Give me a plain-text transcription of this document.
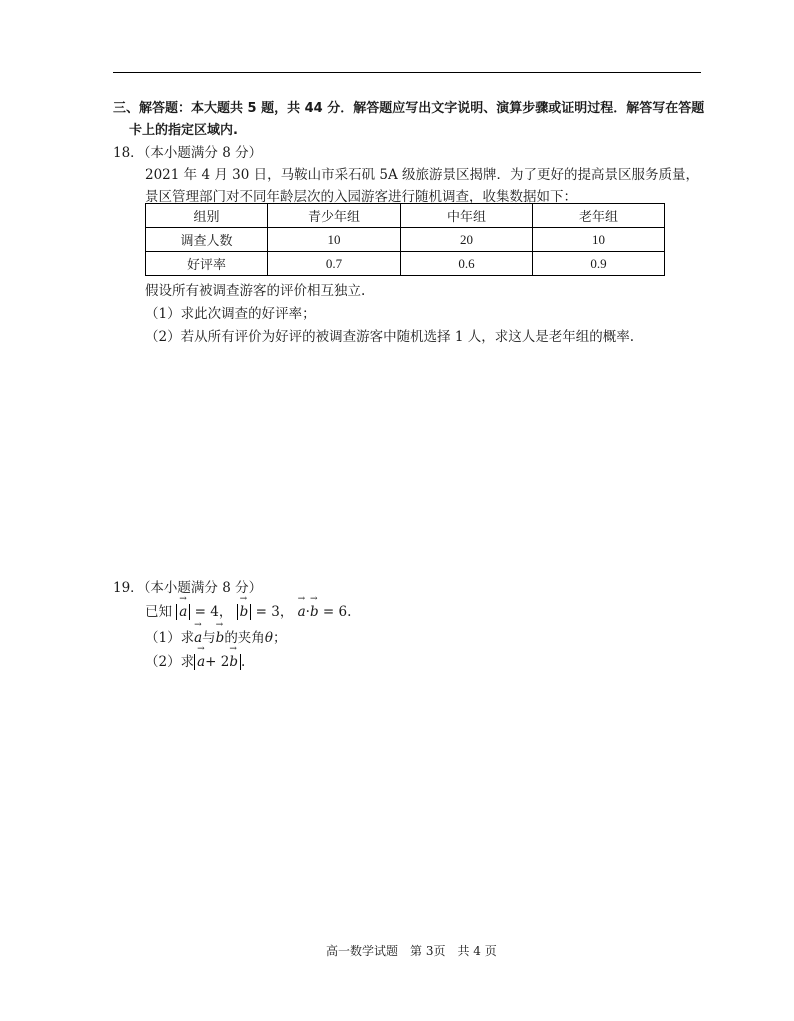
三、解答题：本大题共 5 题，共 44 分．解答题应写出文字说明、演算步骤或证明过程．解答写在答题
卡上的指定区域内.
18．（本小题满分 8 分）
2021 年 4 月 30 日，马鞍山市采石矶 5A 级旅游景区揭牌．为了更好的提高景区服务质量，
景区管理部门对不同年龄层次的入园游客进行随机调查，收集数据如下：
组别	青少年组	中年组	老年组
调查人数	10	20	10
好评率	0.7	0.6	0.9
假设所有被调查游客的评价相互独立.
（1）求此次调查的好评率；
（2）若从所有评价为好评的被调查游客中随机选择 1 人，求这人是老年组的概率.
19．（本小题满分 8 分）
已知 → a = 4， → b = 3， → a·→ b = 6.
（1）求→ a与→ b的夹角θ；
（2）求 → a+ 2→ b .
高一数学试题　第 3页　共 4 页
